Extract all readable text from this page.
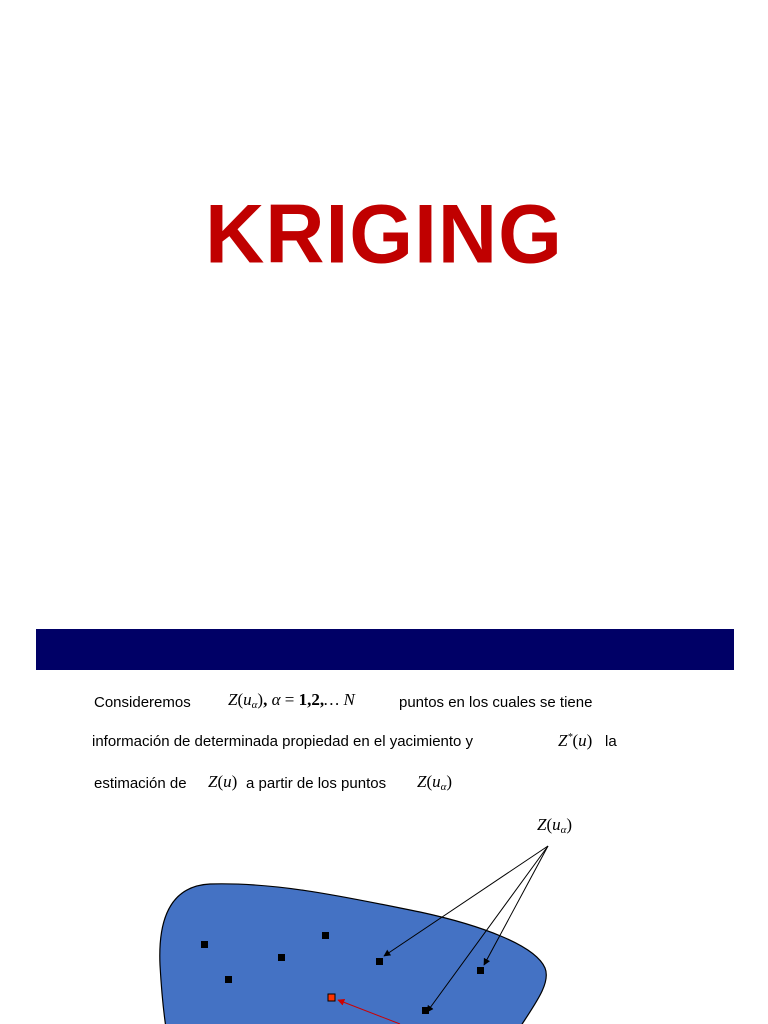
KRIGING
Consideremos $Z(u_\alpha)$, α = 1,2,… N	puntos en los cuales se tiene
información de determinada propiedad en el yacimiento y	Z*(u) la
estimación de Z(u) a partir de los puntos $Z(u_\alpha)$
$Z(u_\alpha)$
